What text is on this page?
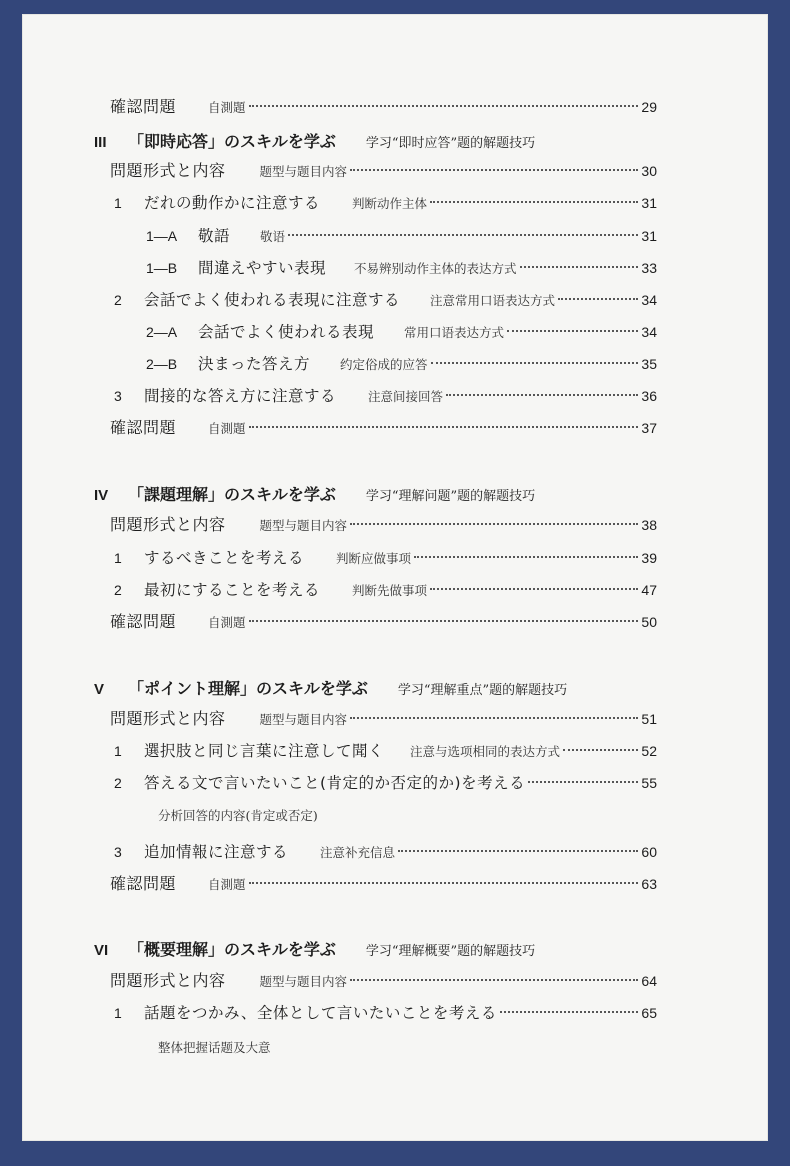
確認問題	自測題	29
III	「即時応答」のスキルを学ぶ 学习“即时应答”题的解题技巧
問題形式と内容	题型与题目内容	30
1	だれの動作かに注意する	判断动作主体	31
1―A	敬語 敬语	31
1―B	間違えやすい表現 不易辨别动作主体的表达方式	33
2	会話でよく使われる表現に注意する 注意常用口语表达方式	34
2―A	会話でよく使われる表現 常用口语表达方式	34
2―B	決まった答え方 约定俗成的应答	35
3	間接的な答え方に注意する	注意间接回答	36
確認問題	自測題	37
IV	「課題理解」のスキルを学ぶ 学习“理解问题”题的解题技巧
問題形式と内容	题型与题目内容	38
1	するべきことを考える	判断应做事项	39
2	最初にすることを考える	判断先做事项	47
確認問題	自測題	50
V	「ポイント理解」のスキルを学ぶ 学习“理解重点”题的解题技巧
問題形式と内容	题型与题目内容	51
1	選択肢と同じ言葉に注意して聞く 注意与选项相同的表达方式	52
2	答える文で言いたいこと(肯定的か否定的か)を考える	55
分析回答的内容(肯定或否定)
3	追加情報に注意する	注意补充信息	60
確認問題	自測題	63
VI	「概要理解」のスキルを学ぶ 学习“理解概要”题的解题技巧
問題形式と内容	题型与题目内容	64
1	話題をつかみ、全体として言いたいことを考える	65
整体把握话题及大意
